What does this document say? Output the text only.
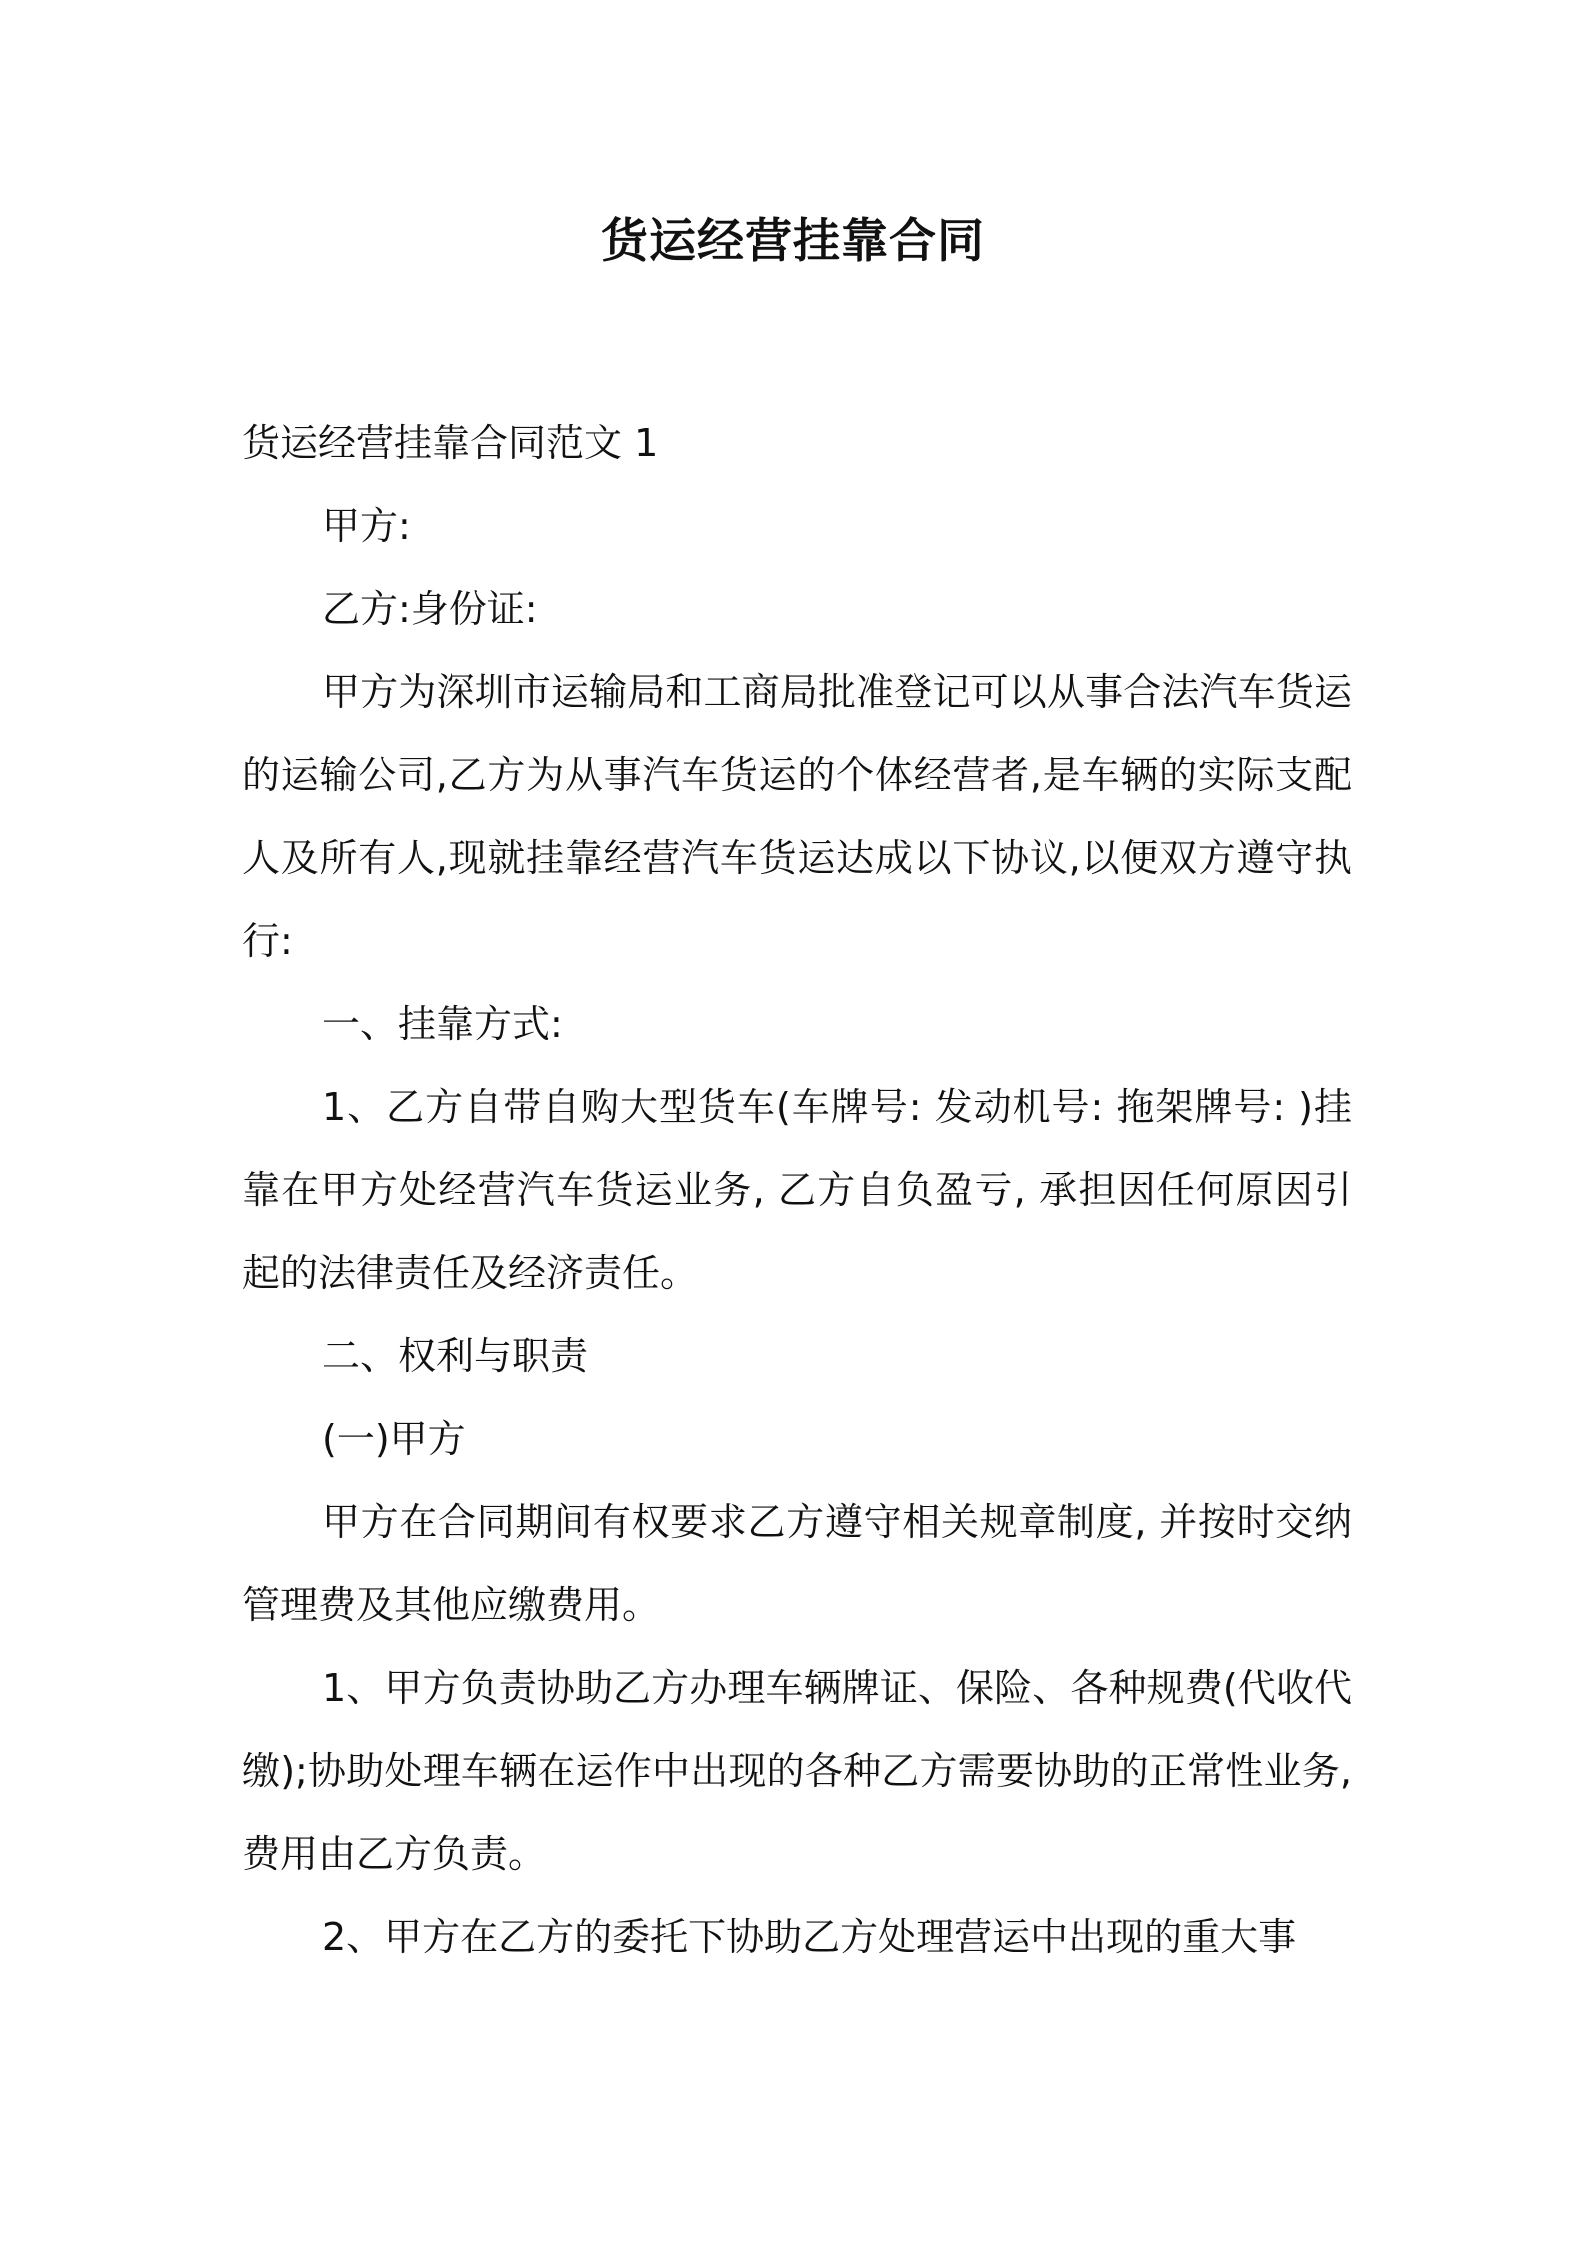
货运经营挂靠合同

货运经营挂靠合同范文 1

甲方:

乙方:身份证:

甲方为深圳市运输局和工商局批准登记可以从事合法汽车货运的运输公司,乙方为从事汽车货运的个体经营者,是车辆的实际支配人及所有人,现就挂靠经营汽车货运达成以下协议,以便双方遵守执行:

一、挂靠方式:

1、乙方自带自购大型货车(车牌号: 发动机号: 拖架牌号: )挂靠在甲方处经营汽车货运业务, 乙方自负盈亏, 承担因任何原因引起的法律责任及经济责任。

二、权利与职责

(一)甲方

甲方在合同期间有权要求乙方遵守相关规章制度, 并按时交纳管理费及其他应缴费用。

1、甲方负责协助乙方办理车辆牌证、保险、各种规费(代收代缴);协助处理车辆在运作中出现的各种乙方需要协助的正常性业务, 费用由乙方负责。

2、甲方在乙方的委托下协助乙方处理营运中出现的重大事
